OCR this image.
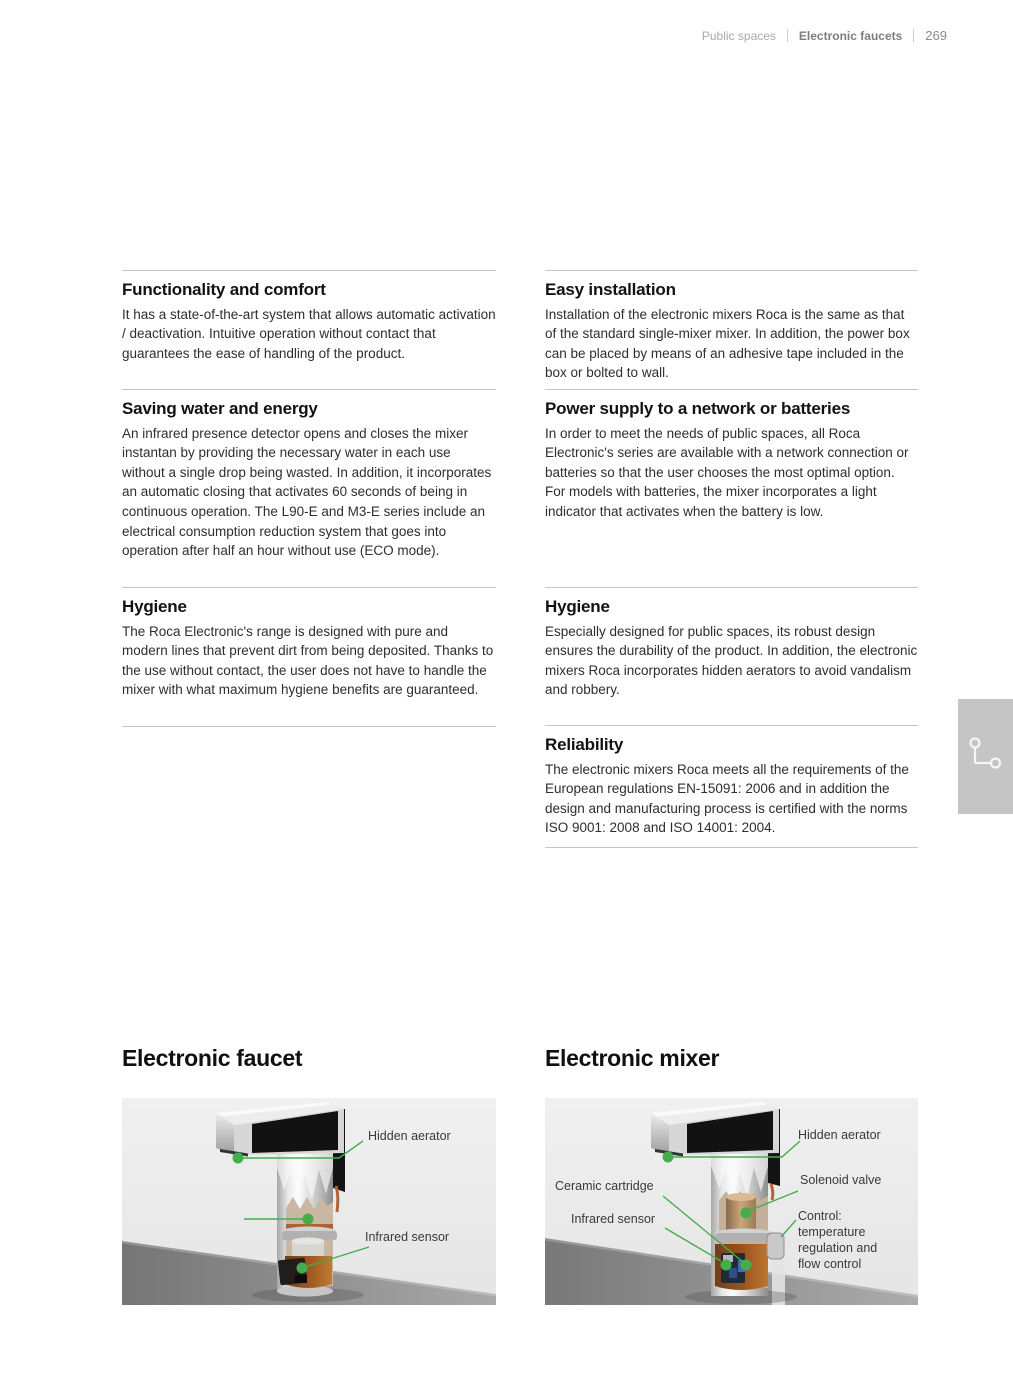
Public spaces Electronic faucets 269
Functionality and comfort

It has a state-of-the-art system that allows automatic activation / deactivation. Intuitive operation without contact that guarantees the ease of handling of the product.

Saving water and energy

An infrared presence detector opens and closes the mixer instantan by providing the necessary water in each use without a single drop being wasted. In addition, it incorporates an automatic closing that activates 60 seconds of being in continuous operation. The L90-E and M3-E series include an electrical consumption reduction system that goes into operation after half an hour without use (ECO mode).

Hygiene

The Roca Electronic's range is designed with pure and modern lines that prevent dirt from being deposited. Thanks to the use without contact, the user does not have to handle the mixer with what maximum hygiene benefits are guaranteed.

Easy installation

Installation of the electronic mixers Roca is the same as that of the standard single-mixer mixer. In addition, the power box can be placed by means of an adhesive tape included in the box or bolted to wall.

Power supply to a network or batteries

In order to meet the needs of public spaces, all Roca Electronic's series are available with a network connection or batteries so that the user chooses the most optimal option. For models with batteries, the mixer incorporates a light indicator that activates when the battery is low.

Hygiene

Especially designed for public spaces, its robust design ensures the durability of the product. In addition, the electronic mixers Roca incorporates hidden aerators to avoid vandalism and robbery.

Reliability

The electronic mixers Roca meets all the requirements of the European regulations EN-15091: 2006 and in addition the design and manufacturing process is certified with the norms ISO 9001: 2008 and ISO 14001: 2004.

Electronic faucet	Electronic mixer
Hidden aerator
Infrared sensor
Hidden aerator
Solenoid valve
Ceramic cartridge
Infrared sensor	Control: temperature regulation and flow control
